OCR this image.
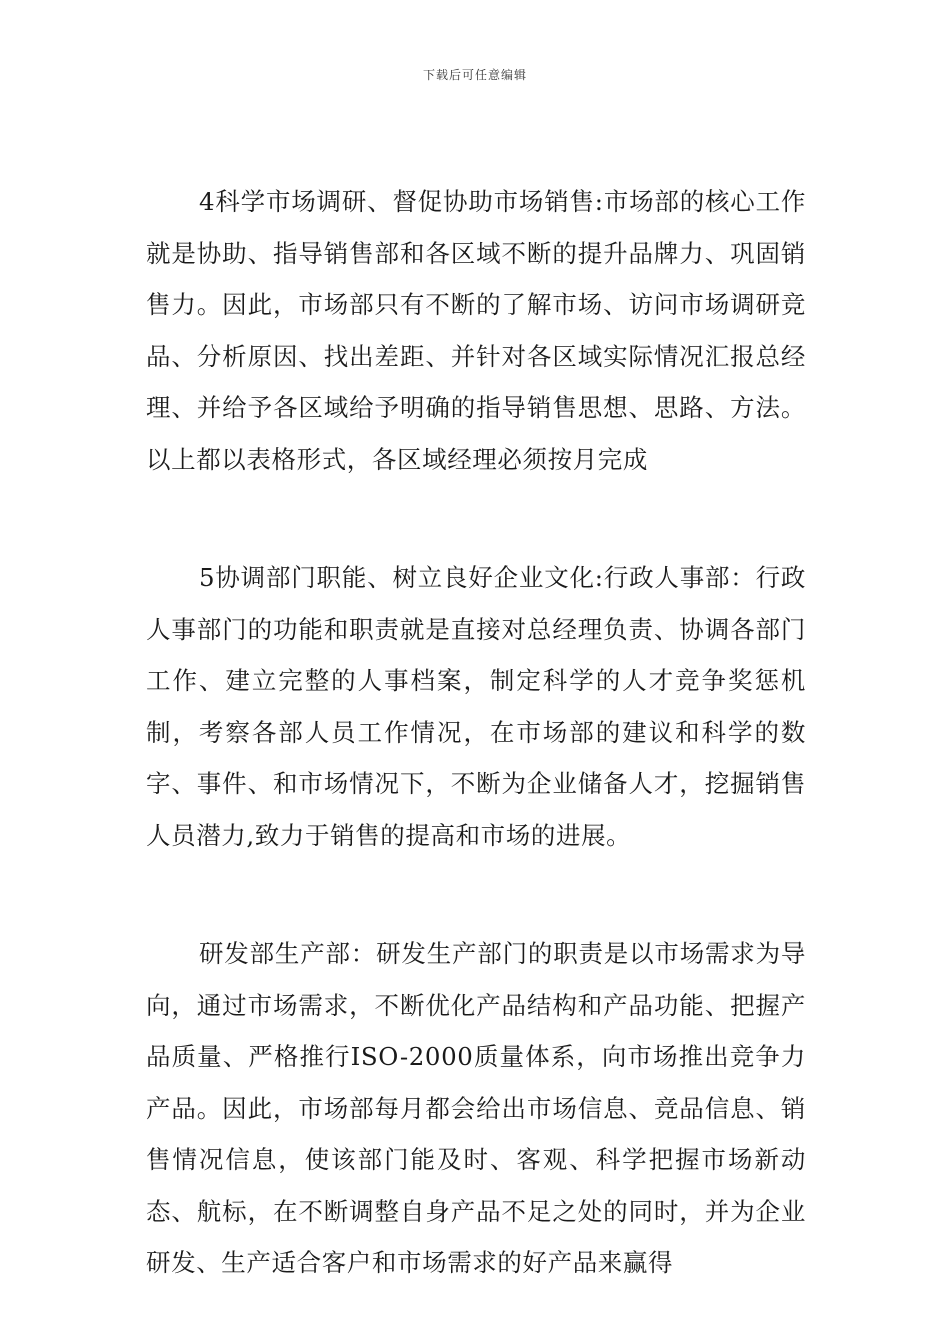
下载后可任意编辑

4科学市场调研、督促协助市场销售:市场部的核心工作就是协助、指导销售部和各区域不断的提升品牌力、巩固销售力。因此，市场部只有不断的了解市场、访问市场调研竞品、分析原因、找出差距、并针对各区域实际情况汇报总经理、并给予各区域给予明确的指导销售思想、思路、方法。以上都以表格形式，各区域经理必须按月完成

5协调部门职能、树立良好企业文化:行政人事部：行政人事部门的功能和职责就是直接对总经理负责、协调各部门工作、建立完整的人事档案，制定科学的人才竞争奖惩机制，考察各部人员工作情况，在市场部的建议和科学的数字、事件、和市场情况下，不断为企业储备人才，挖掘销售人员潜力,致力于销售的提高和市场的进展。

研发部生产部：研发生产部门的职责是以市场需求为导向，通过市场需求，不断优化产品结构和产品功能、把握产品质量、严格推行ISO-2000质量体系，向市场推出竞争力产品。因此，市场部每月都会给出市场信息、竞品信息、销售情况信息，使该部门能及时、客观、科学把握市场新动态、航标，在不断调整自身产品不足之处的同时，并为企业研发、生产适合客户和市场需求的好产品来赢得
